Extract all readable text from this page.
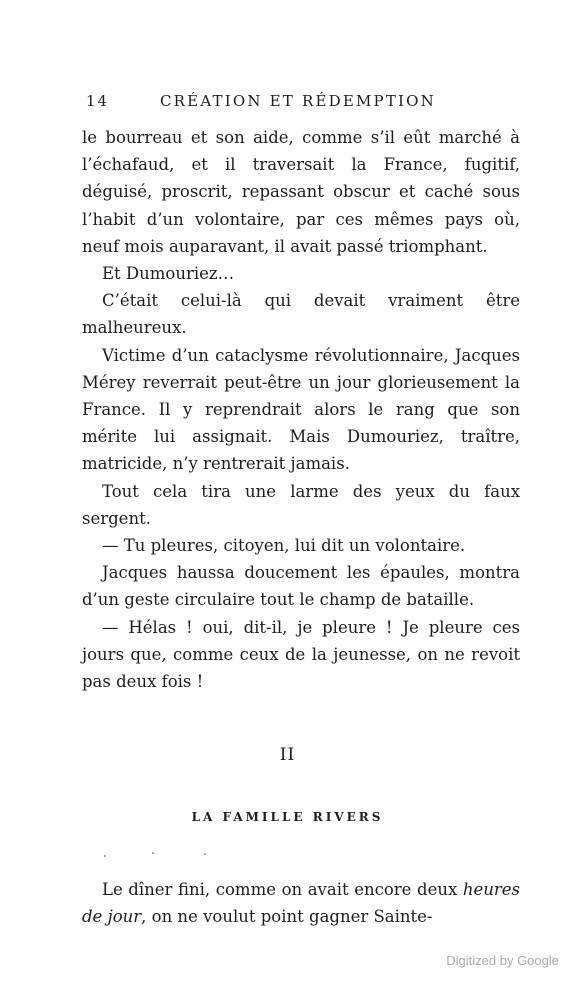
14	CRÉATION ET RÉDEMPTION

le bourreau et son aide, comme s’il eût marché à l’échafaud, et il traversait la France, fugitif, déguisé, proscrit, repassant obscur et caché sous l’habit d’un volontaire, par ces mêmes pays où, neuf mois auparavant, il avait passé triomphant.

Et Dumouriez…

C’était celui-là qui devait vraiment être malheureux.

Victime d’un cataclysme révolutionnaire, Jacques Mérey reverrait peut-être un jour glorieusement la France. Il y reprendrait alors le rang que son mérite lui assignait. Mais Dumouriez, traître, matricide, n’y rentrerait jamais.

Tout cela tira une larme des yeux du faux sergent.

— Tu pleures, citoyen, lui dit un volontaire.

Jacques haussa doucement les épaules, montra d’un geste circulaire tout le champ de bataille.

— Hélas ! oui, dit-il, je pleure ! Je pleure ces jours que, comme ceux de la jeunesse, on ne revoit pas deux fois !

II
LA FAMILLE RIVERS

Le dîner fini, comme on avait encore deux heures de jour, on ne voulut point gagner Sainte-

Digitized by Google
